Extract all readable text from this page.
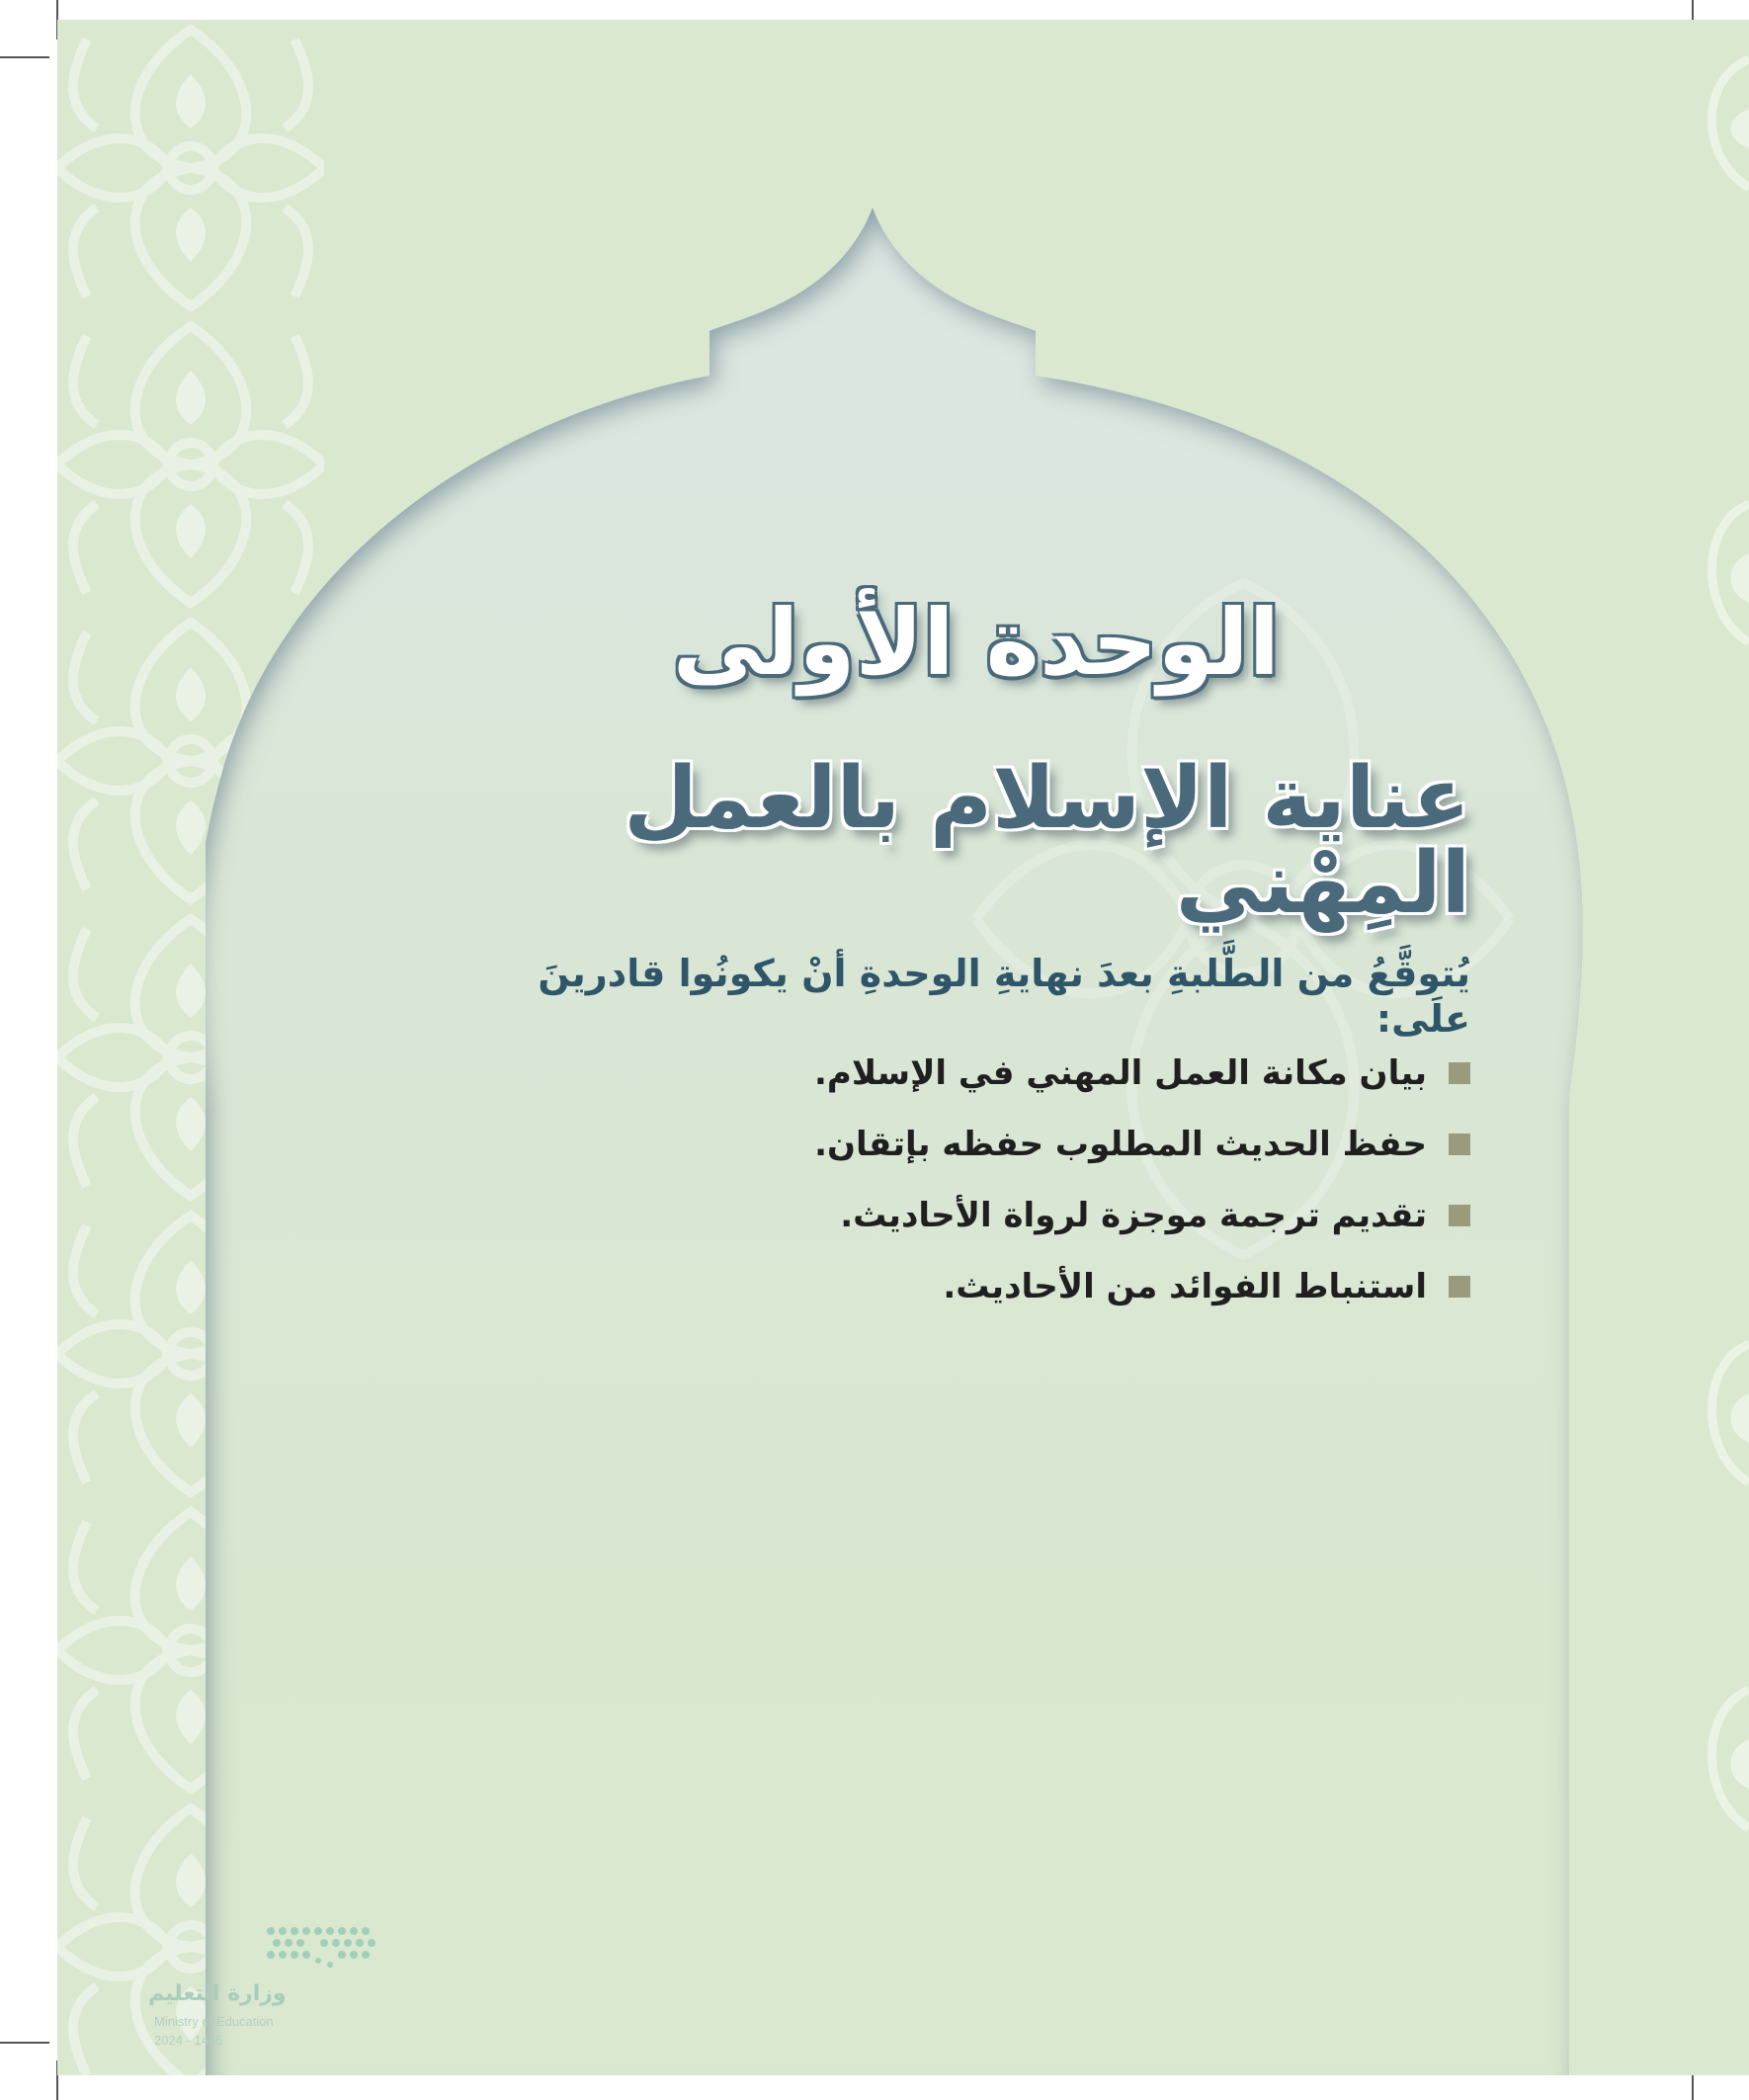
الوحدة الأولى
عناية الإسلام بالعمل المِهْني

يُتوقَّعُ من الطَّلبةِ بعدَ نهايةِ الوحدةِ أنْ يكونُوا قادرينَ علَى:

بيان مكانة العمل المهني في الإسلام.
حفظ الحديث المطلوب حفظه بإتقان.
تقديم ترجمة موجزة لرواة الأحاديث.
استنباط الفوائد من الأحاديث.
وزارة التعليم
Ministry of Education
2024 - 1446
